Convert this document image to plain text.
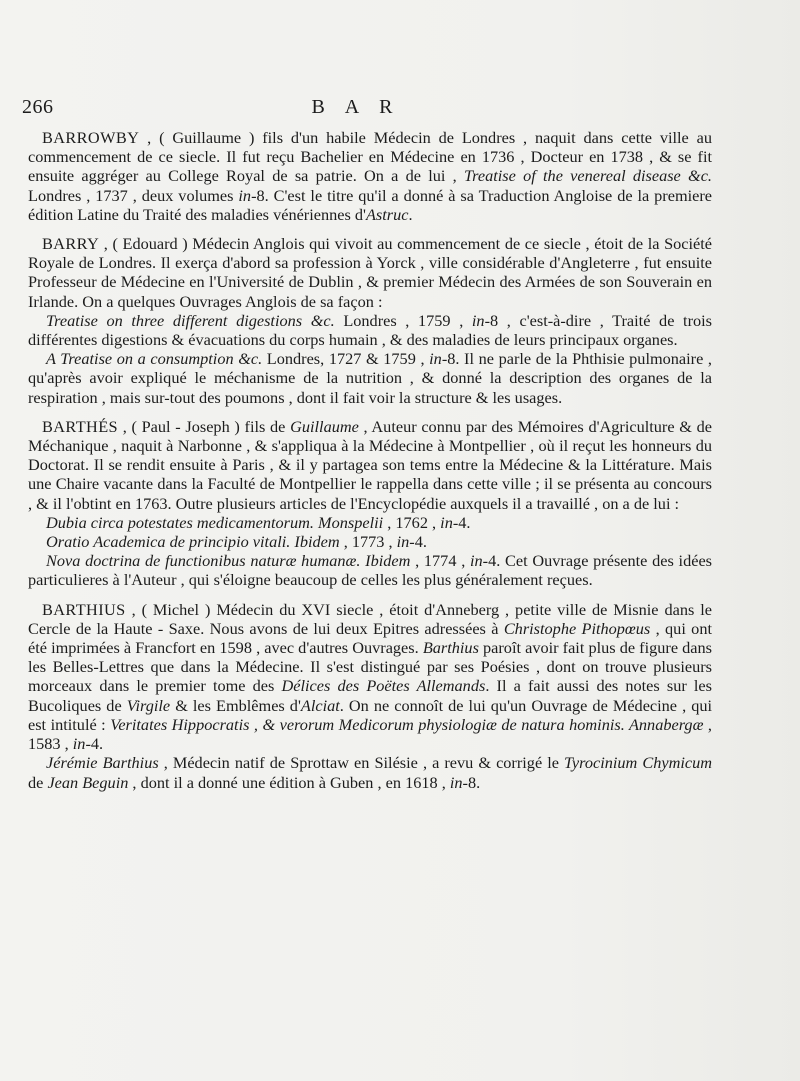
266	B A R

BARROWBY , ( Guillaume ) fils d'un habile Médecin de Londres , naquit dans cette ville au commencement de ce siecle. Il fut reçu Bachelier en Médecine en 1736 , Docteur en 1738 , & se fit ensuite aggréger au College Royal de sa patrie. On a de lui , Treatise of the venereal disease &c. Londres , 1737 , deux volumes in-8. C'est le titre qu'il a donné à sa Traduction Angloise de la premiere édition Latine du Traité des maladies vénériennes d'Astruc.

BARRY , ( Edouard ) Médecin Anglois qui vivoit au commencement de ce siecle , étoit de la Société Royale de Londres. Il exerça d'abord sa profession à Yorck , ville considérable d'Angleterre , fut ensuite Professeur de Médecine en l'Université de Dublin , & premier Médecin des Armées de son Souverain en Irlande. On a quelques Ouvrages Anglois de sa façon :

Treatise on three different digestions &c. Londres , 1759 , in-8 , c'est-à-dire , Traité de trois différentes digestions & évacuations du corps humain , & des maladies de leurs principaux organes.

A Treatise on a consumption &c. Londres, 1727 & 1759 , in-8. Il ne parle de la Phthisie pulmonaire , qu'après avoir expliqué le méchanisme de la nutrition , & donné la description des organes de la respiration , mais sur-tout des poumons , dont il fait voir la structure & les usages.

BARTHÉS , ( Paul - Joseph ) fils de Guillaume , Auteur connu par des Mémoires d'Agriculture & de Méchanique , naquit à Narbonne , & s'appliqua à la Médecine à Montpellier , où il reçut les honneurs du Doctorat. Il se rendit ensuite à Paris , & il y partagea son tems entre la Médecine & la Littérature. Mais une Chaire vacante dans la Faculté de Montpellier le rappella dans cette ville ; il se présenta au concours , & il l'obtint en 1763. Outre plusieurs articles de l'Encyclopédie auxquels il a travaillé , on a de lui :

Dubia circa potestates medicamentorum. Monspelii , 1762 , in-4.

Oratio Academica de principio vitali. Ibidem , 1773 , in-4.

Nova doctrina de functionibus naturæ humanæ. Ibidem , 1774 , in-4. Cet Ouvrage présente des idées particulieres à l'Auteur , qui s'éloigne beaucoup de celles les plus généralement reçues.

BARTHIUS , ( Michel ) Médecin du XVI siecle , étoit d'Anneberg , petite ville de Misnie dans le Cercle de la Haute - Saxe. Nous avons de lui deux Epitres adressées à Christophe Pithopœus , qui ont été imprimées à Francfort en 1598 , avec d'autres Ouvrages. Barthius paroît avoir fait plus de figure dans les Belles-Lettres que dans la Médecine. Il s'est distingué par ses Poésies , dont on trouve plusieurs morceaux dans le premier tome des Délices des Poëtes Allemands. Il a fait aussi des notes sur les Bucoliques de Virgile & les Emblêmes d'Alciat. On ne connoît de lui qu'un Ouvrage de Médecine , qui est intitulé : Veritates Hippocratis , & verorum Medicorum physiologiæ de natura hominis. Annabergæ , 1583 , in-4.

Jérémie Barthius , Médecin natif de Sprottaw en Silésie , a revu & corrigé le Tyrocinium Chymicum de Jean Beguin , dont il a donné une édition à Guben , en 1618 , in-8.
